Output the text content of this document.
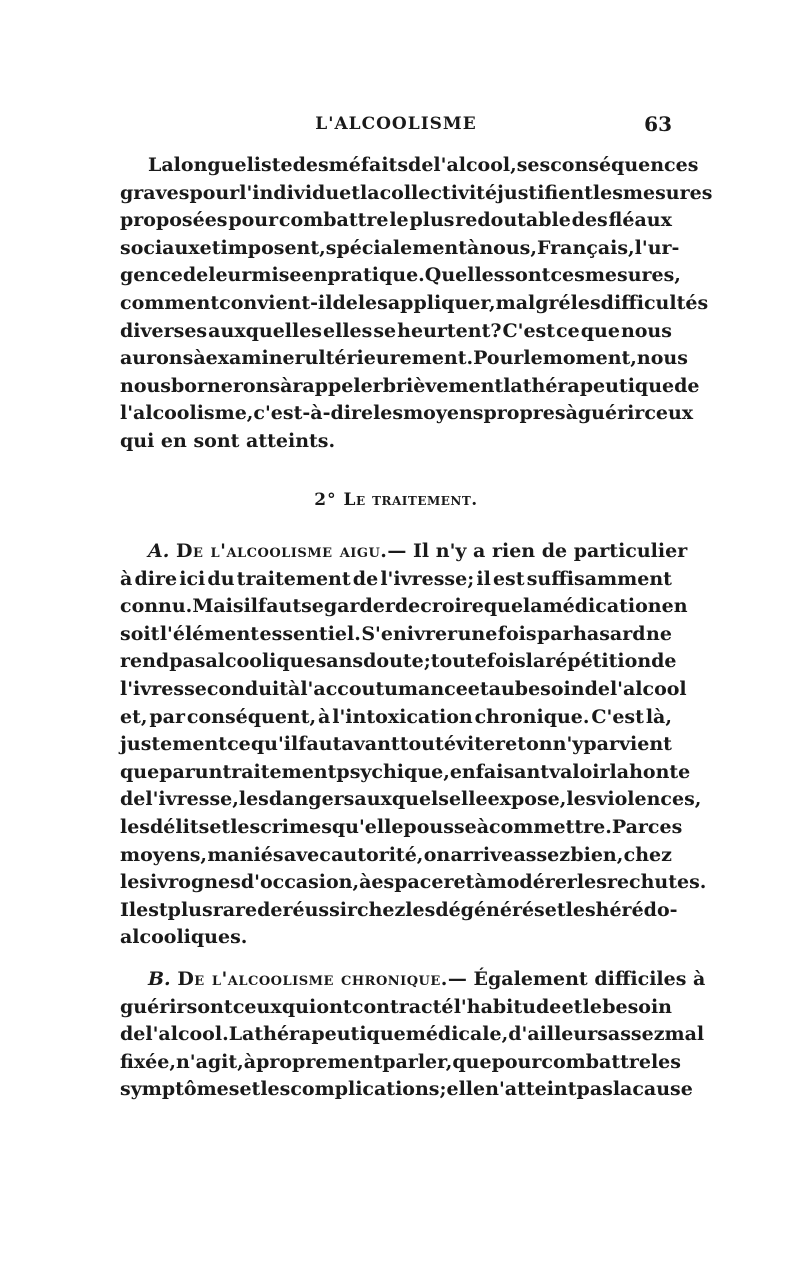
L'ALCOOLISME	63
La longue liste des méfaits de l'alcool, ses conséquences
graves pour l'individu et la collectivité justifient les mesures
proposées pour combattre le plus redoutable des fléaux
sociaux et imposent, spécialement à nous, Français, l'ur-
gence de leur mise en pratique. Quelles sont ces mesures,
comment convient-il de les appliquer, malgré les difficultés
diverses auxquelles elles se heurtent? C'est ce que nous
aurons à examiner ultérieurement. Pour le moment, nous
nous bornerons à rappeler brièvement la thérapeutique de
l'alcoolisme, c'est-à-dire les moyens propres à guérir ceux
qui en sont atteints.
2° Le traitement.
A. De l'alcoolisme aigu. — Il n'y a rien de particulier
à dire ici du traitement de l'ivresse; il est suffisamment
connu. Mais il faut se garder de croire que la médication en
soit l'élément essentiel. S'enivrer une fois par hasard ne
rend pas alcoolique sans doute; toutefois la répétition de
l'ivresse conduit à l'accoutumance et au besoin de l'alcool
et, par conséquent, à l'intoxication chronique. C'est là,
justement ce qu'il faut avant tout éviter et on n'y parvient
que par un traitement psychique, en faisant valoir la honte
de l'ivresse, les dangers auxquels elle expose, les violences,
les délits et les crimes qu'elle pousse à commettre. Par ces
moyens, maniés avec autorité, on arrive assez bien, chez
les ivrognes d'occasion, à espacer et à modérer les rechutes.
Il est plus rare de réussir chez les dégénérés et les hérédo-
alcooliques.
B. De l'alcoolisme chronique. — Également difficiles à
guérir sont ceux qui ont contracté l'habitude et le besoin
de l'alcool. La thérapeutique médicale, d'ailleurs assez mal
fixée, n'agit, à proprement parler, que pour combattre les
symptômes et les complications ; elle n'atteint pas la cause
